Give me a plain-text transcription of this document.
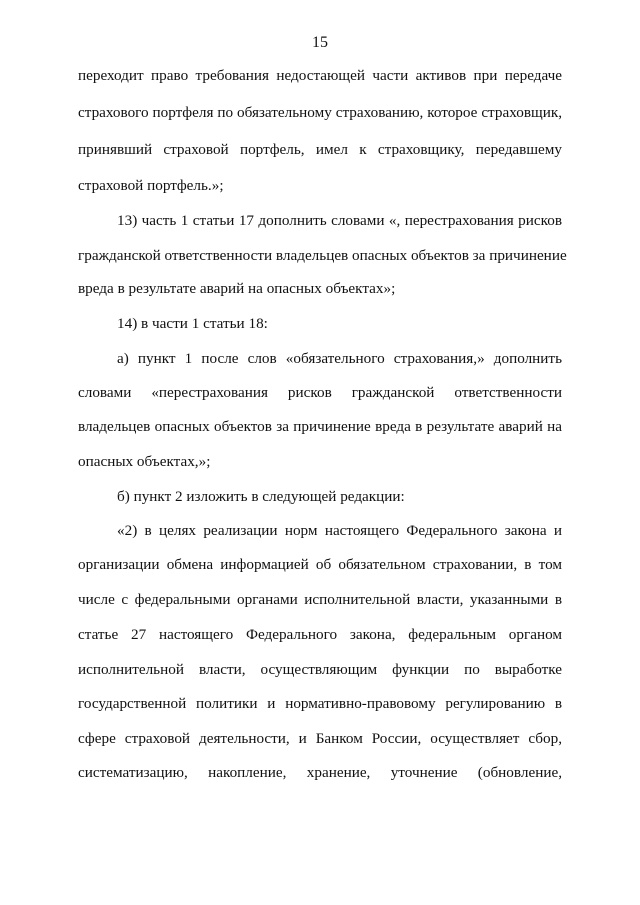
15
переходит право требования недостающей части активов при передаче
страхового портфеля по обязательному страхованию, которое страховщик,
принявший страховой портфель, имел к страховщику, передавшему
страховой портфель.»;
13) часть 1 статьи 17 дополнить словами «, перестрахования рисков
гражданской ответственности владельцев опасных объектов за причинение
вреда в результате аварий на опасных объектах»;
14) в части 1 статьи 18:
а) пункт 1 после слов «обязательного страхования,» дополнить
словами «перестрахования рисков гражданской ответственности
владельцев опасных объектов за причинение вреда в результате аварий на
опасных объектах,»;
б) пункт 2 изложить в следующей редакции:
«2) в целях реализации норм настоящего Федерального закона и
организации обмена информацией об обязательном страховании, в том
числе с федеральными органами исполнительной власти, указанными в
статье 27 настоящего Федерального закона, федеральным органом
исполнительной власти, осуществляющим функции по выработке
государственной политики и нормативно-правовому регулированию в
сфере страховой деятельности, и Банком России, осуществляет сбор,
систематизацию, накопление, хранение, уточнение (обновление,
